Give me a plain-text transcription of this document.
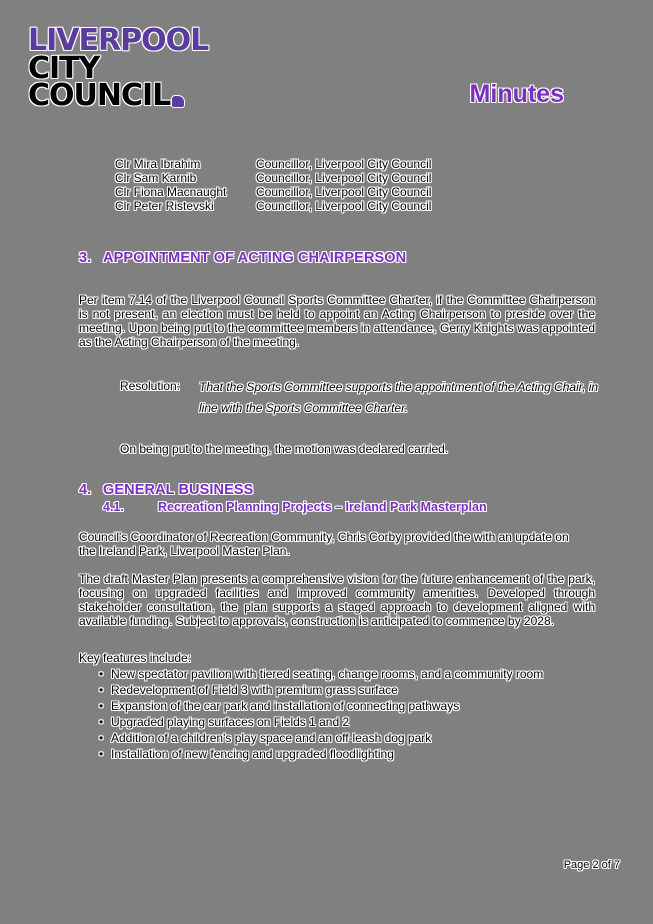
LIVERPOOL
CITY
COUNCIL	Minutes
Clr Mira Ibrahim	Councillor, Liverpool City Council
Clr Sam Karnib	Councillor, Liverpool City Council
Clr Fiona Macnaught	Councillor, Liverpool City Council
Clr Peter Ristevski	Councillor, Liverpool City Council
3. APPOINTMENT OF ACTING CHAIRPERSON
Per item 7.14 of the Liverpool Council Sports Committee Charter, if the Committee Chairperson is not present, an election must be held to appoint an Acting Chairperson to preside over the meeting. Upon being put to the committee members in attendance, Gerry Knights was appointed as the Acting Chairperson of the meeting.
Resolution:	That the Sports Committee supports the appointment of the Acting Chair, in line with the Sports Committee Charter.
On being put to the meeting, the motion was declared carried.
4. GENERAL BUSINESS
4.1.	Recreation Planning Projects – Ireland Park Masterplan
Council's Coordinator of Recreation Community, Chris Corby provided the with an update on the Ireland Park, Liverpool Master Plan.
The draft Master Plan presents a comprehensive vision for the future enhancement of the park, focusing on upgraded facilities and improved community amenities. Developed through stakeholder consultation, the plan supports a staged approach to development aligned with available funding. Subject to approvals, construction is anticipated to commence by 2028.
Key features include:
• New spectator pavilion with tiered seating, change rooms, and a community room
• Redevelopment of Field 3 with premium grass surface
• Expansion of the car park and installation of connecting pathways
• Upgraded playing surfaces on Fields 1 and 2
• Addition of a children's play space and an off-leash dog park
• Installation of new fencing and upgraded floodlighting
Page 2 of 7
